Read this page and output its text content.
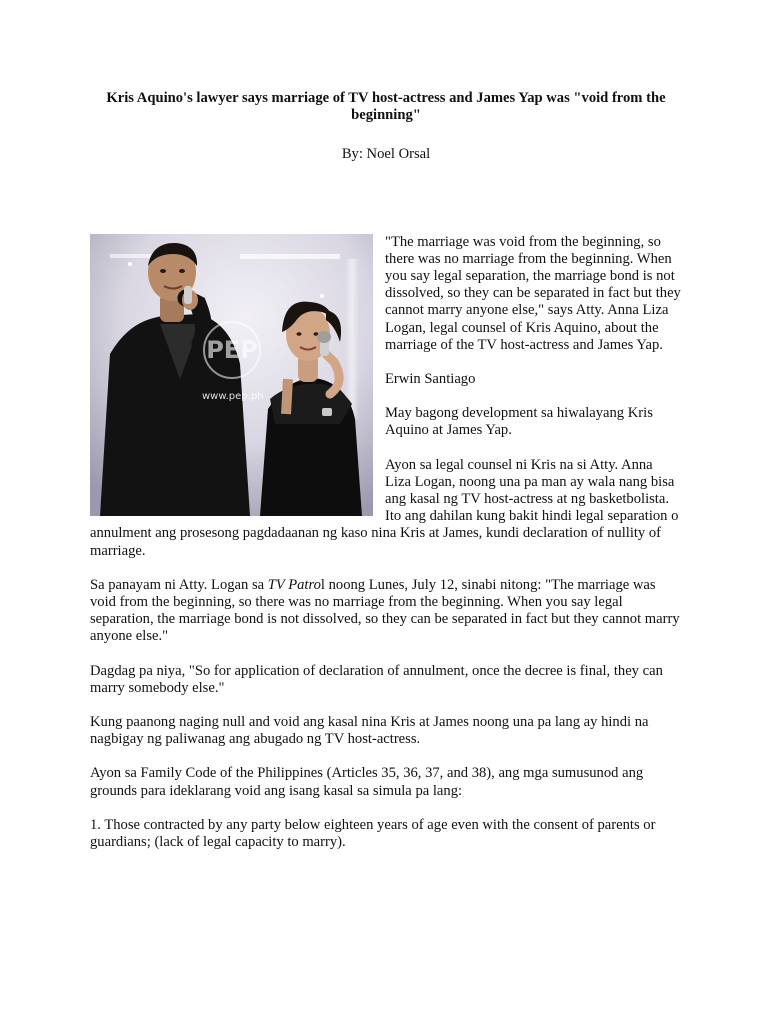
Kris Aquino's lawyer says marriage of TV host-actress and James Yap was "void from the beginning"

By: Noel Orsal

PEP
www.pep.ph

"The marriage was void from the beginning, so there was no marriage from the beginning. When you say legal separation, the marriage bond is not dissolved, so they can be separated in fact but they cannot marry anyone else," says Atty. Anna Liza Logan, legal counsel of Kris Aquino, about the marriage of the TV host-actress and James Yap.

Erwin Santiago

May bagong development sa hiwalayang Kris Aquino at James Yap.

Ayon sa legal counsel ni Kris na si Atty. Anna Liza Logan, noong una pa man ay wala nang bisa ang kasal ng TV host-actress at ng basketbolista. Ito ang dahilan kung bakit hindi legal separation o annulment ang prosesong pagdadaanan ng kaso nina Kris at James, kundi declaration of nullity of marriage.

Sa panayam ni Atty. Logan sa TV Patrol noong Lunes, July 12, sinabi nitong: "The marriage was void from the beginning, so there was no marriage from the beginning. When you say legal separation, the marriage bond is not dissolved, so they can be separated in fact but they cannot marry anyone else."

Dagdag pa niya, "So for application of declaration of annulment, once the decree is final, they can marry somebody else."

Kung paanong naging null and void ang kasal nina Kris at James noong una pa lang ay hindi na nagbigay ng paliwanag ang abugado ng TV host-actress.

Ayon sa Family Code of the Philippines (Articles 35, 36, 37, and 38), ang mga sumusunod ang grounds para ideklarang void ang isang kasal sa simula pa lang:

1. Those contracted by any party below eighteen years of age even with the consent of parents or guardians; (lack of legal capacity to marry).
